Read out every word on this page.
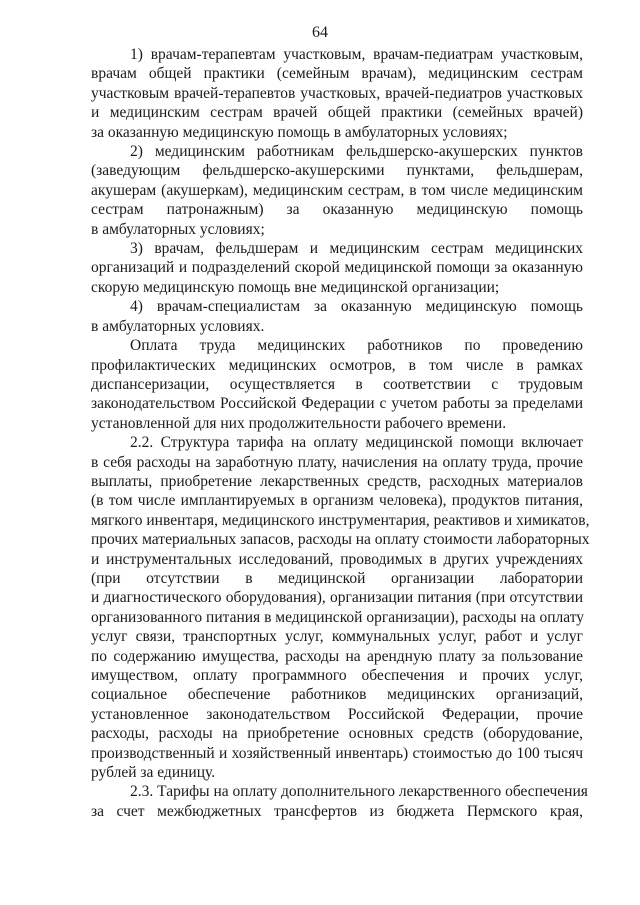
64
1) врачам-терапевтам участковым, врачам-педиатрам участковым,
врачам общей практики (семейным врачам), медицинским сестрам
участковым врачей-терапевтов участковых, врачей-педиатров участковых
и медицинским сестрам врачей общей практики (семейных врачей)
за оказанную медицинскую помощь в амбулаторных условиях;
2) медицинским работникам фельдшерско-акушерских пунктов
(заведующим фельдшерско-акушерскими пунктами, фельдшерам,
акушерам (акушеркам), медицинским сестрам, в том числе медицинским
сестрам патронажным) за оказанную медицинскую помощь
в амбулаторных условиях;
3) врачам, фельдшерам и медицинским сестрам медицинских
организаций и подразделений скорой медицинской помощи за оказанную
скорую медицинскую помощь вне медицинской организации;
4) врачам-специалистам за оказанную медицинскую помощь
в амбулаторных условиях.
Оплата труда медицинских работников по проведению
профилактических медицинских осмотров, в том числе в рамках
диспансеризации, осуществляется в соответствии с трудовым
законодательством Российской Федерации с учетом работы за пределами
установленной для них продолжительности рабочего времени.
2.2. Структура тарифа на оплату медицинской помощи включает
в себя расходы на заработную плату, начисления на оплату труда, прочие
выплаты, приобретение лекарственных средств, расходных материалов
(в том числе имплантируемых в организм человека), продуктов питания,
мягкого инвентаря, медицинского инструментария, реактивов и химикатов,
прочих материальных запасов, расходы на оплату стоимости лабораторных
и инструментальных исследований, проводимых в других учреждениях
(при отсутствии в медицинской организации лаборатории
и диагностического оборудования), организации питания (при отсутствии
организованного питания в медицинской организации), расходы на оплату
услуг связи, транспортных услуг, коммунальных услуг, работ и услуг
по содержанию имущества, расходы на арендную плату за пользование
имуществом, оплату программного обеспечения и прочих услуг,
социальное обеспечение работников медицинских организаций,
установленное законодательством Российской Федерации, прочие
расходы, расходы на приобретение основных средств (оборудование,
производственный и хозяйственный инвентарь) стоимостью до 100 тысяч
рублей за единицу.
2.3. Тарифы на оплату дополнительного лекарственного обеспечения
за счет межбюджетных трансфертов из бюджета Пермского края,
